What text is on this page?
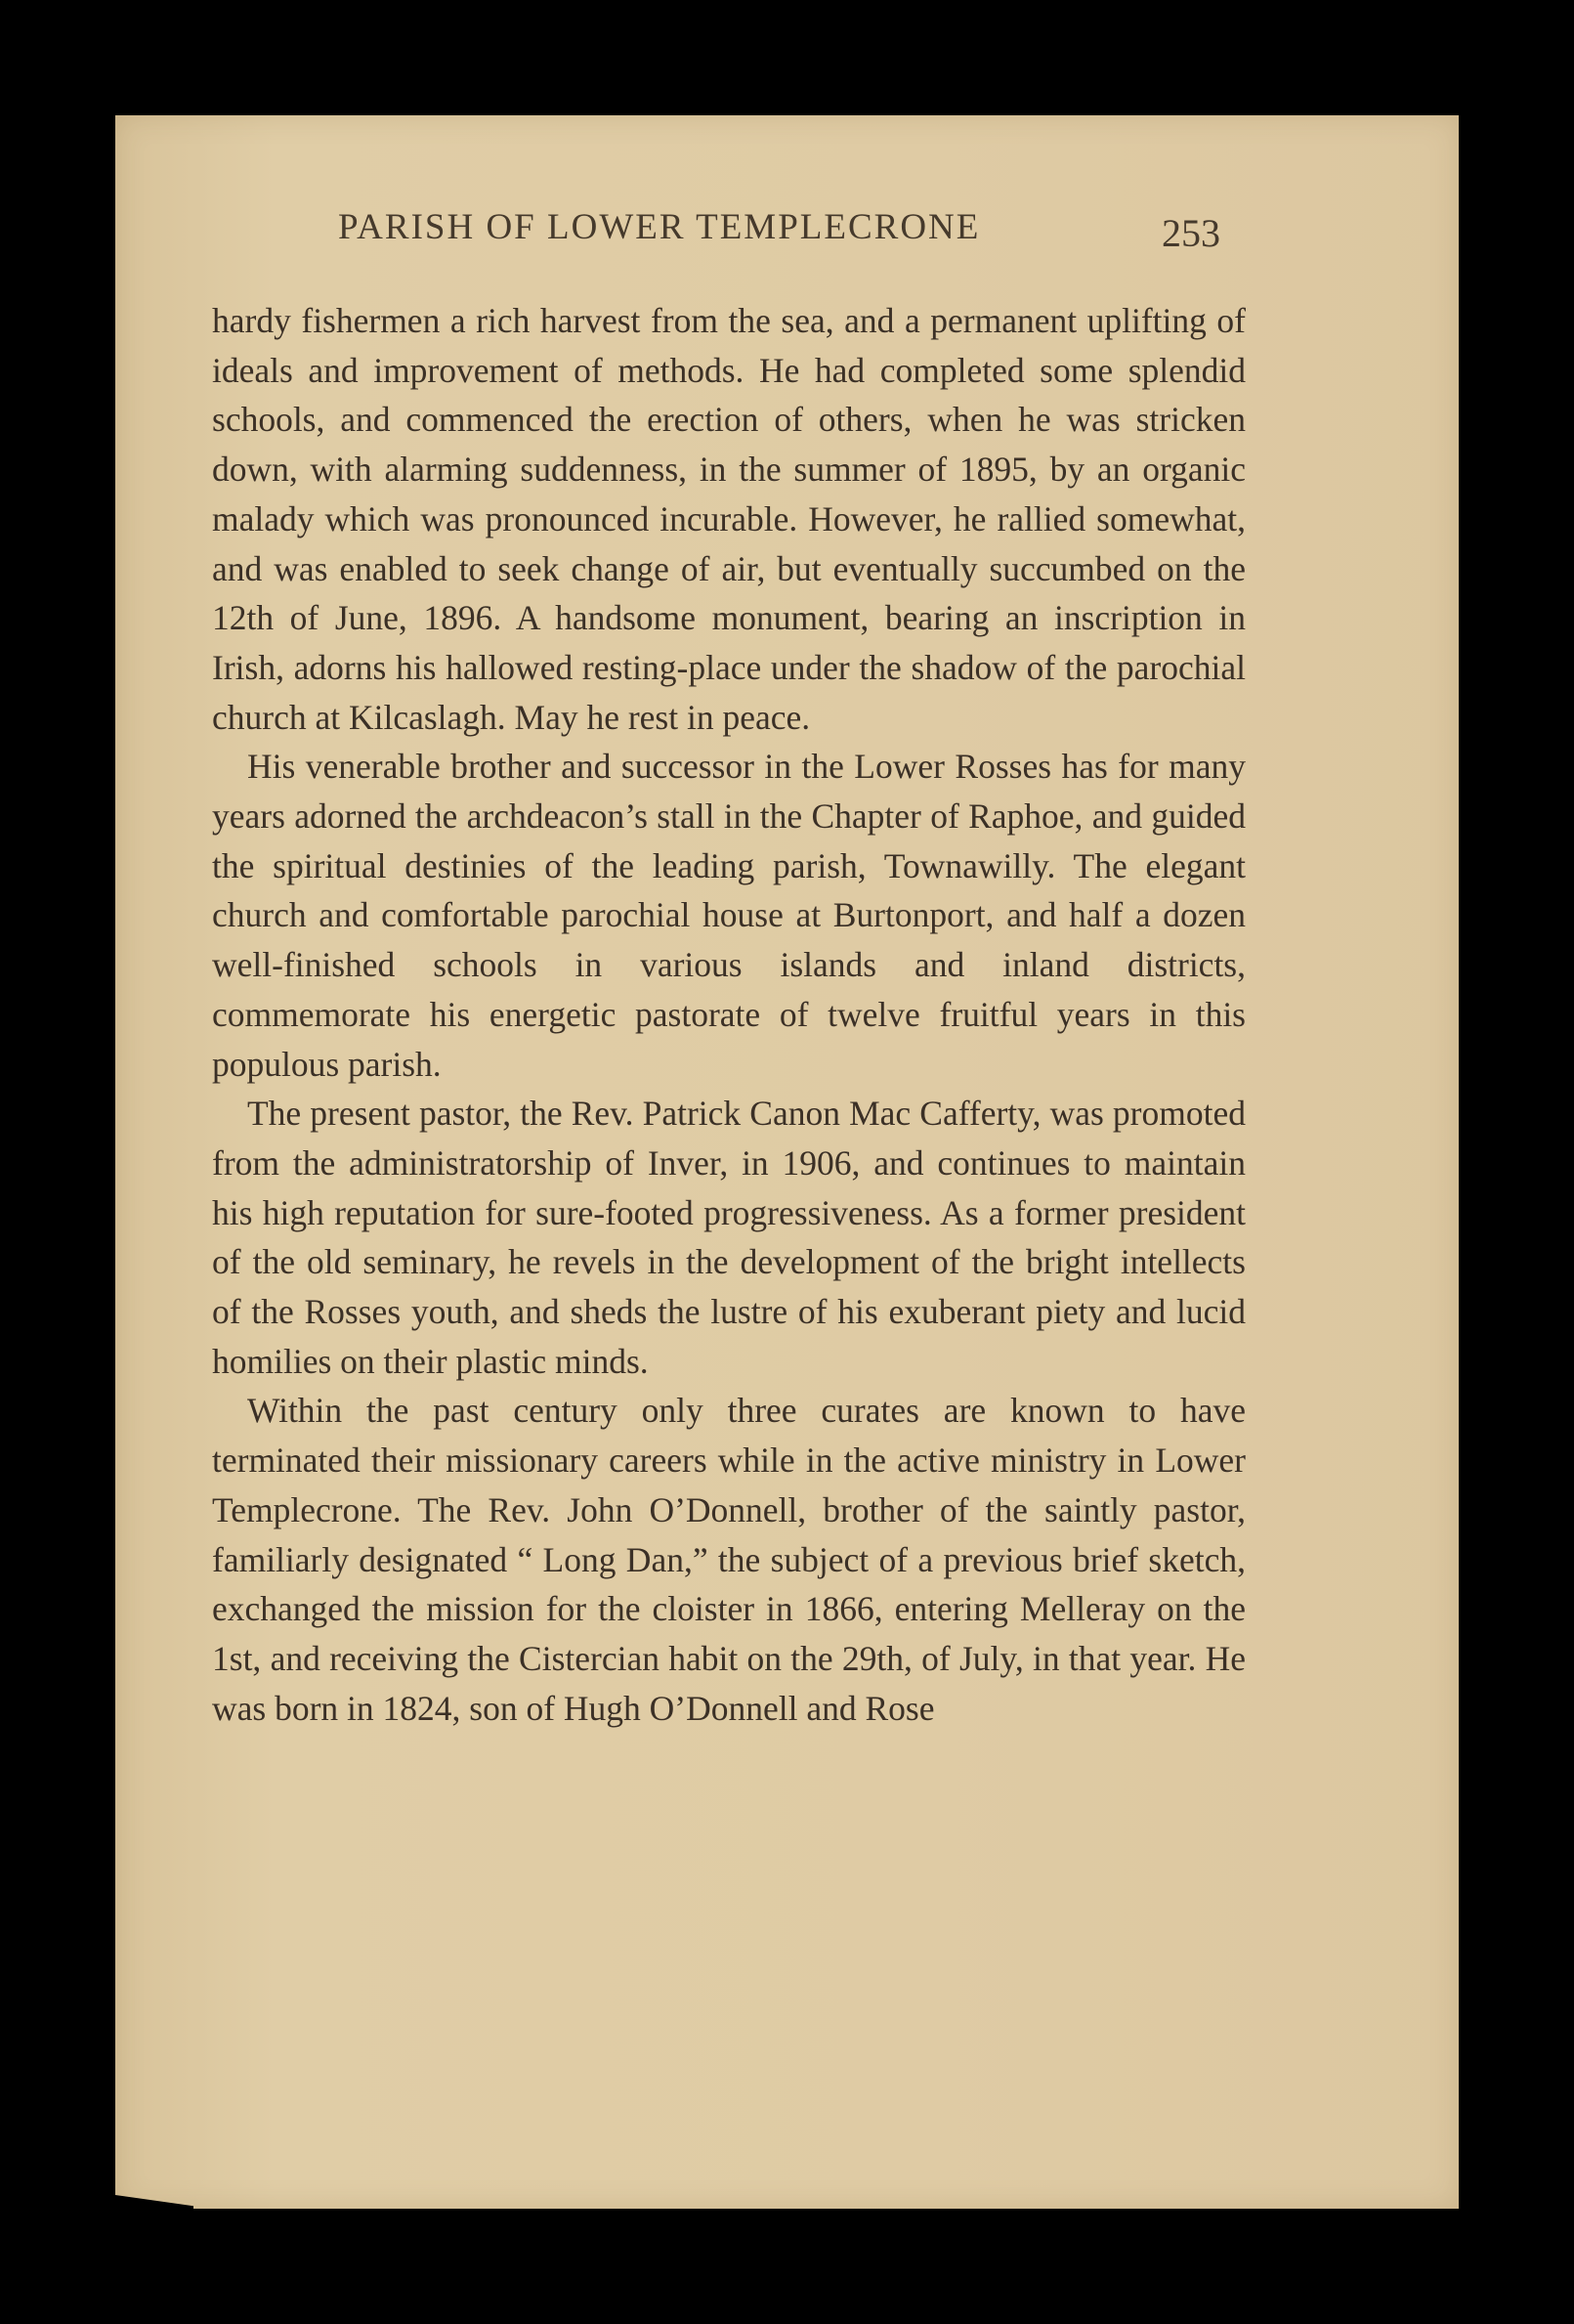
PARISH OF LOWER TEMPLECRONE	253

hardy fishermen a rich harvest from the sea, and a permanent uplifting of ideals and improvement of methods. He had completed some splendid schools, and commenced the erection of others, when he was stricken down, with alarming suddenness, in the summer of 1895, by an organic malady which was pronounced incurable. However, he rallied somewhat, and was enabled to seek change of air, but eventually succumbed on the 12th of June, 1896. A handsome monument, bearing an inscription in Irish, adorns his hallowed resting-place under the shadow of the parochial church at Kilcaslagh. May he rest in peace.

His venerable brother and successor in the Lower Rosses has for many years adorned the archdeacon’s stall in the Chapter of Raphoe, and guided the spiritual destinies of the leading parish, Townawilly. The elegant church and comfortable parochial house at Burtonport, and half a dozen well-finished schools in various islands and inland districts, commemorate his energetic pastorate of twelve fruitful years in this populous parish.

The present pastor, the Rev. Patrick Canon Mac Cafferty, was promoted from the administratorship of Inver, in 1906, and continues to maintain his high reputation for sure-footed progressiveness. As a former president of the old seminary, he revels in the development of the bright intellects of the Rosses youth, and sheds the lustre of his exuberant piety and lucid homilies on their plastic minds.

Within the past century only three curates are known to have terminated their missionary careers while in the active ministry in Lower Templecrone. The Rev. John O’Donnell, brother of the saintly pastor, familiarly designated “ Long Dan,” the subject of a previous brief sketch, exchanged the mission for the cloister in 1866, entering Melleray on the 1st, and receiving the Cistercian habit on the 29th, of July, in that year. He was born in 1824, son of Hugh O’Donnell and Rose
